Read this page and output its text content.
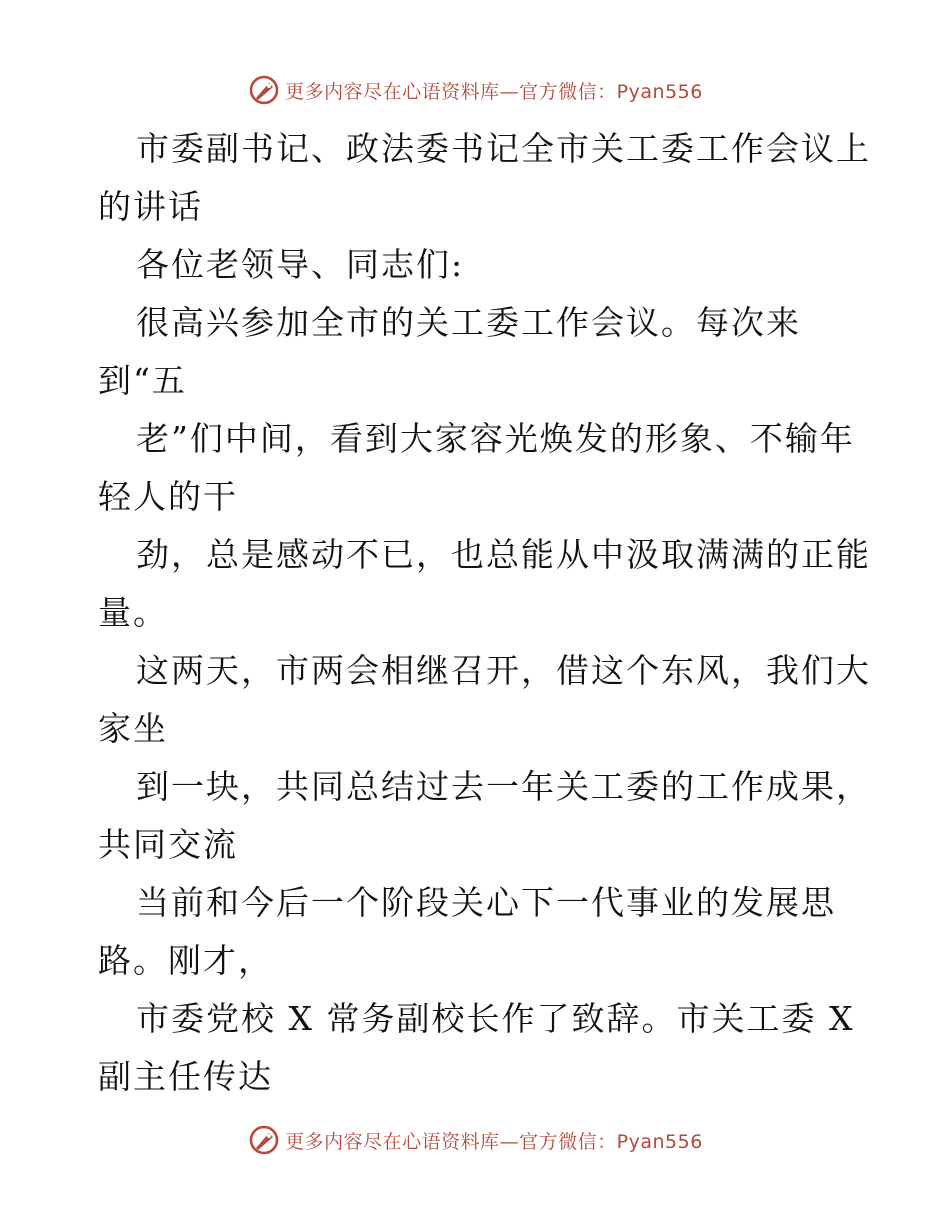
更多内容尽在心语资料库—官方微信：Pyan556
市委副书记、政法委书记全市关工委工作会议上
的讲话
各位老领导、同志们:
很高兴参加全市的关工委工作会议。每次来
到“五
老”们中间，看到大家容光焕发的形象、不输年
轻人的干
劲，总是感动不已，也总能从中汲取满满的正能
量。
这两天，市两会相继召开，借这个东风，我们大
家坐
到一块，共同总结过去一年关工委的工作成果，
共同交流
当前和今后一个阶段关心下一代事业的发展思
路。刚才，
市委党校 X 常务副校长作了致辞。市关工委 X
副主任传达
更多内容尽在心语资料库—官方微信：Pyan556
